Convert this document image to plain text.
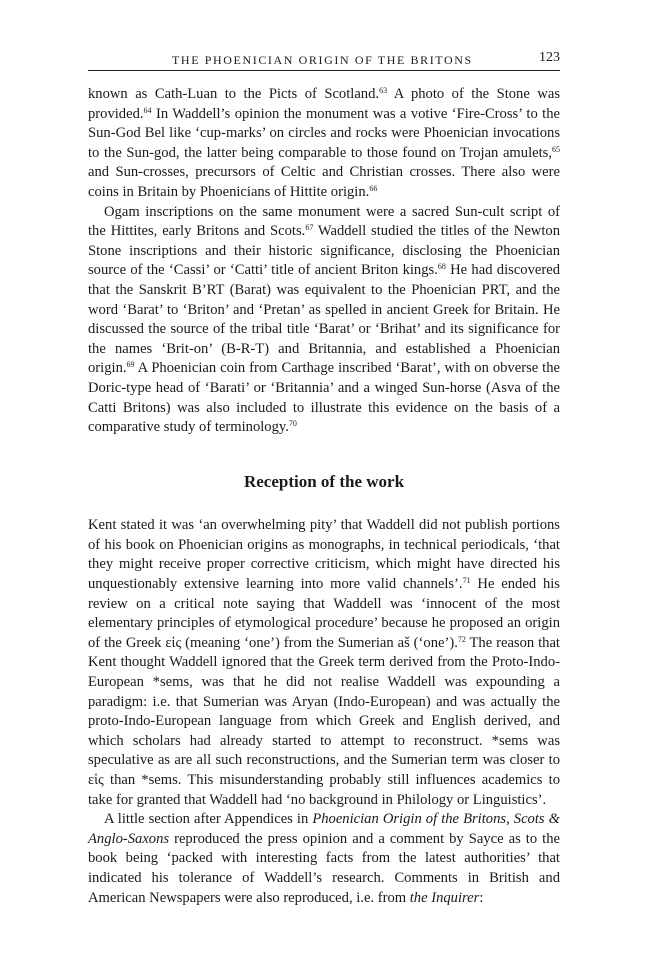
THE PHOENICIAN ORIGIN OF THE BRITONS	123

known as Cath-Luan to the Picts of Scotland.$^{63}$ A photo of the Stone was provided.$^{64}$ In Waddell’s opinion the monument was a votive ‘Fire-Cross’ to the Sun-God Bel like ‘cup-marks’ on circles and rocks were Phoenician invocations to the Sun-god, the latter being comparable to those found on Trojan amulets,$^{65}$ and Sun-crosses, precursors of Celtic and Christian crosses. There also were coins in Britain by Phoenicians of Hittite origin.$^{66}$

Ogam inscriptions on the same monument were a sacred Sun-cult script of the Hittites, early Britons and Scots.$^{67}$ Waddell studied the titles of the Newton Stone inscriptions and their historic significance, disclosing the Phoenician source of the ‘Cassi’ or ‘Catti’ title of ancient Briton kings.$^{68}$ He had discovered that the Sanskrit B’RT (Barat) was equivalent to the Phoenician PRT, and the word ‘Barat’ to ‘Briton’ and ‘Pretan’ as spelled in ancient Greek for Britain. He discussed the source of the tribal title ‘Barat’ or ‘Brihat’ and its significance for the names ‘Brit-on’ (B-R-T) and Britannia, and established a Phoenician origin.$^{69}$ A Phoenician coin from Carthage inscribed ‘Barat’, with on obverse the Doric-type head of ‘Barati’ or ‘Britannia’ and a winged Sun-horse (Asva of the Catti Britons) was also included to illustrate this evidence on the basis of a comparative study of terminology.$^{70}$

Reception of the work

Kent stated it was ‘an overwhelming pity’ that Waddell did not publish portions of his book on Phoenician origins as monographs, in technical periodicals, ‘that they might receive proper corrective criticism, which might have directed his unquestionably extensive learning into more valid channels’.$^{71}$ He ended his review on a critical note saying that Waddell was ‘innocent of the most elementary principles of etymological procedure’ because he proposed an origin of the Greek εἱς (meaning ‘one’) from the Sumerian aš (‘one’).$^{72}$ The reason that Kent thought Waddell ignored that the Greek term derived from the Proto-Indo-European *sems, was that he did not realise Waddell was expounding a paradigm: i.e. that Sumerian was Aryan (Indo-European) and was actually the proto-Indo-European language from which Greek and English derived, and which scholars had already started to attempt to reconstruct. *sems was speculative as are all such reconstructions, and the Sumerian term was closer to εἱς than *sems. This misunderstanding probably still influences academics to take for granted that Waddell had ‘no background in Philology or Linguistics’.

A little section after Appendices in Phoenician Origin of the Britons, Scots & Anglo-Saxons reproduced the press opinion and a comment by Sayce as to the book being ‘packed with interesting facts from the latest authorities’ that indicated his tolerance of Waddell’s research. Comments in British and American Newspapers were also reproduced, i.e. from the Inquirer:
